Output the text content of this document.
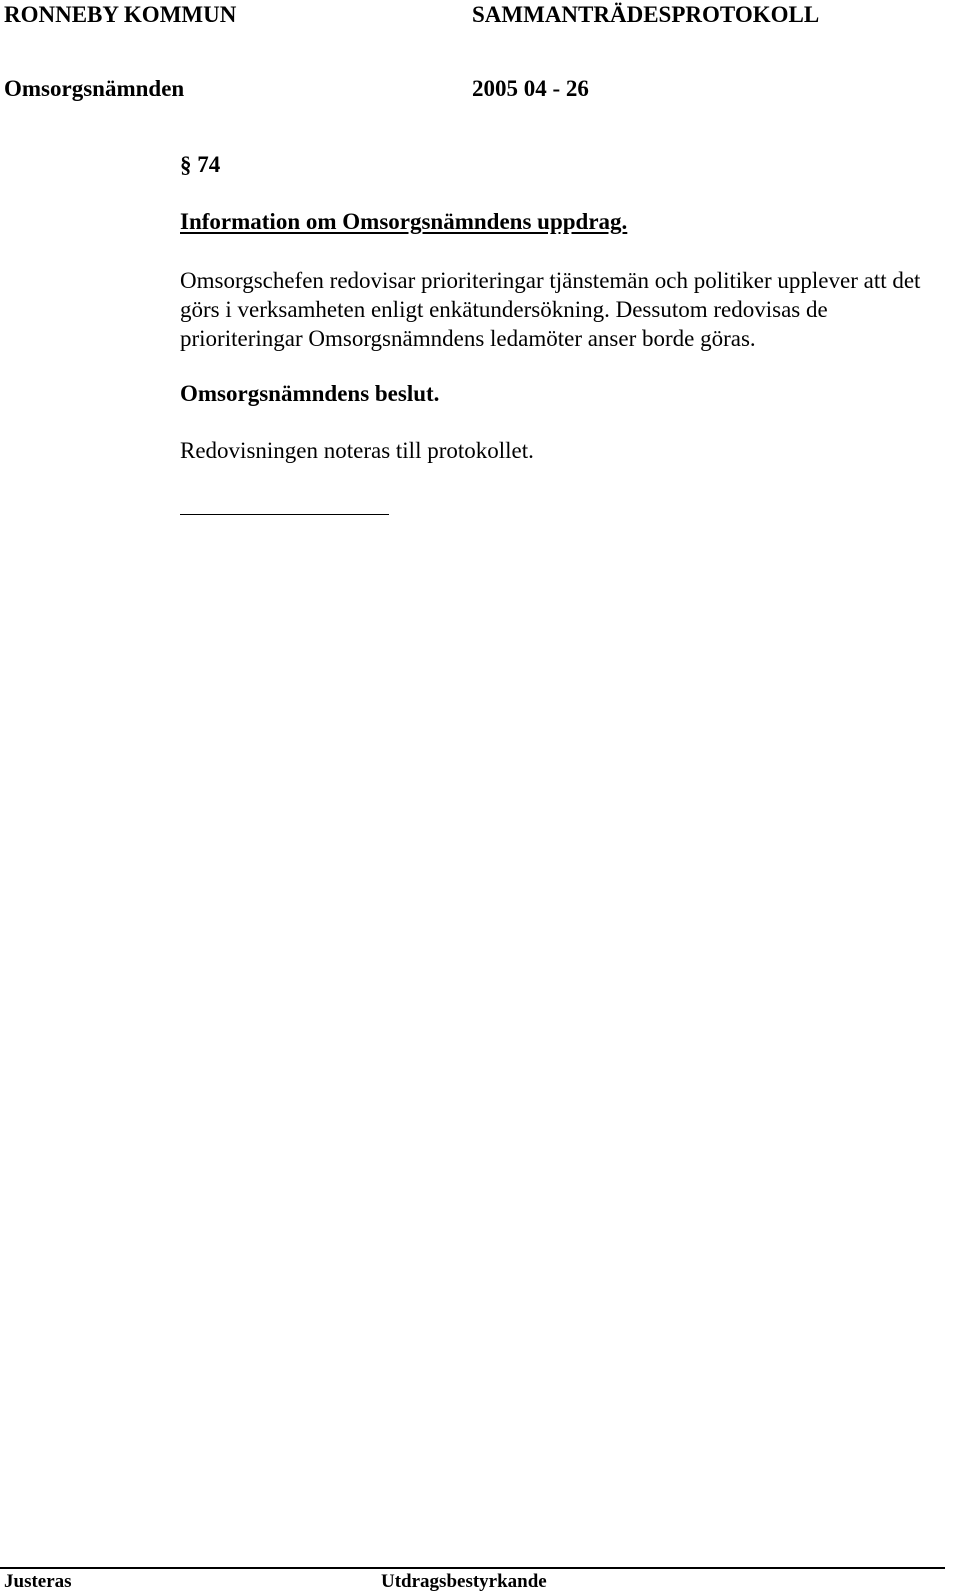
RONNEBY KOMMUN	SAMMANTRÄDESPROTOKOLL
Omsorgsnämnden	2005 04 - 26
§ 74
Information om Omsorgsnämndens uppdrag.
Omsorgschefen redovisar prioriteringar tjänstemän och politiker upplever att det görs i verksamheten enligt enkätundersökning. Dessutom redovisas de prioriteringar Omsorgsnämndens ledamöter anser borde göras.
Omsorgsnämndens beslut.
Redovisningen noteras till protokollet.
Justeras	Utdragsbestyrkande
